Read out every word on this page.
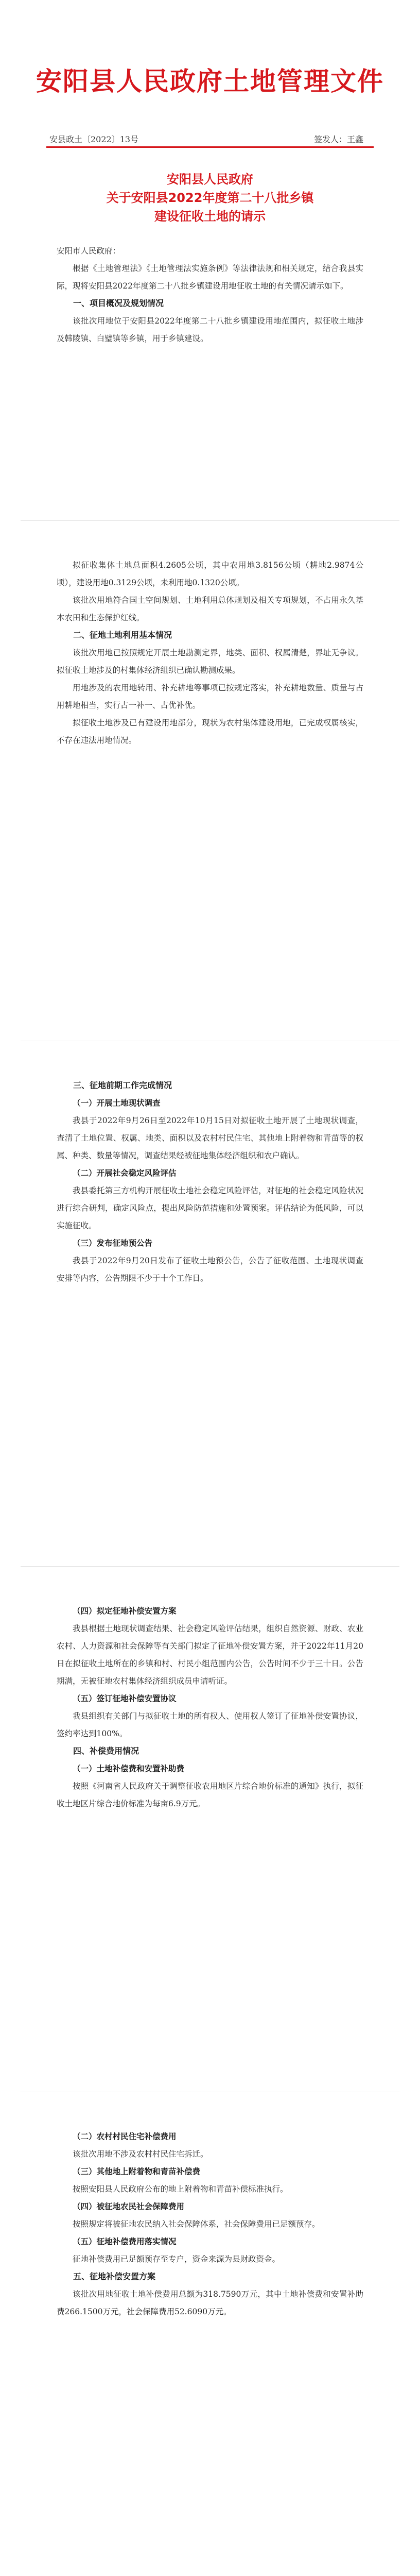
安阳县人民政府土地管理文件
安县政土〔2022〕13号	签发人：王鑫
安阳县人民政府
关于安阳县2022年度第二十八批乡镇
建设征收土地的请示

安阳市人民政府：

根据《土地管理法》《土地管理法实施条例》等法律法规和相关规定，结合我县实际，现将安阳县2022年度第二十八批乡镇建设用地征收土地的有关情况请示如下。

一、项目概况及规划情况

该批次用地位于安阳县2022年度第二十八批乡镇建设用地范围内，拟征收土地涉及韩陵镇、白璧镇等乡镇，用于乡镇建设。

拟征收集体土地总面积4.2605公顷，其中农用地3.8156公顷（耕地2.9874公顷），建设用地0.3129公顷，未利用地0.1320公顷。

该批次用地符合国土空间规划、土地利用总体规划及相关专项规划，不占用永久基本农田和生态保护红线。

二、征地土地利用基本情况

该批次用地已按照规定开展土地勘测定界，地类、面积、权属清楚，界址无争议。拟征收土地涉及的村集体经济组织已确认勘测成果。

用地涉及的农用地转用、补充耕地等事项已按规定落实，补充耕地数量、质量与占用耕地相当，实行占一补一、占优补优。

拟征收土地涉及已有建设用地部分，现状为农村集体建设用地，已完成权属核实，不存在违法用地情况。

三、征地前期工作完成情况
（一）开展土地现状调查

我县于2022年9月26日至2022年10月15日对拟征收土地开展了土地现状调查，查清了土地位置、权属、地类、面积以及农村村民住宅、其他地上附着物和青苗等的权属、种类、数量等情况，调查结果经被征地集体经济组织和农户确认。

（二）开展社会稳定风险评估

我县委托第三方机构开展征收土地社会稳定风险评估，对征地的社会稳定风险状况进行综合研判，确定风险点，提出风险防范措施和处置预案。评估结论为低风险，可以实施征收。

（三）发布征地预公告

我县于2022年9月20日发布了征收土地预公告，公告了征收范围、土地现状调查安排等内容，公告期限不少于十个工作日。

（四）拟定征地补偿安置方案

我县根据土地现状调查结果、社会稳定风险评估结果，组织自然资源、财政、农业农村、人力资源和社会保障等有关部门拟定了征地补偿安置方案，并于2022年11月20日在拟征收土地所在的乡镇和村、村民小组范围内公告，公告时间不少于三十日。公告期满，无被征地农村集体经济组织成员申请听证。

（五）签订征地补偿安置协议

我县组织有关部门与拟征收土地的所有权人、使用权人签订了征地补偿安置协议，签约率达到100%。

四、补偿费用情况
（一）土地补偿费和安置补助费

按照《河南省人民政府关于调整征收农用地区片综合地价标准的通知》执行，拟征收土地区片综合地价标准为每亩6.9万元。

（二）农村村民住宅补偿费用

该批次用地不涉及农村村民住宅拆迁。

（三）其他地上附着物和青苗补偿费

按照安阳县人民政府公布的地上附着物和青苗补偿标准执行。

（四）被征地农民社会保障费用

按照规定将被征地农民纳入社会保障体系，社会保障费用已足额预存。

（五）征地补偿费用落实情况

征地补偿费用已足额预存至专户，资金来源为县财政资金。

五、征地补偿安置方案

该批次用地征收土地补偿费用总额为318.7590万元，其中土地补偿费和安置补助费266.1500万元，社会保障费用52.6090万元。
